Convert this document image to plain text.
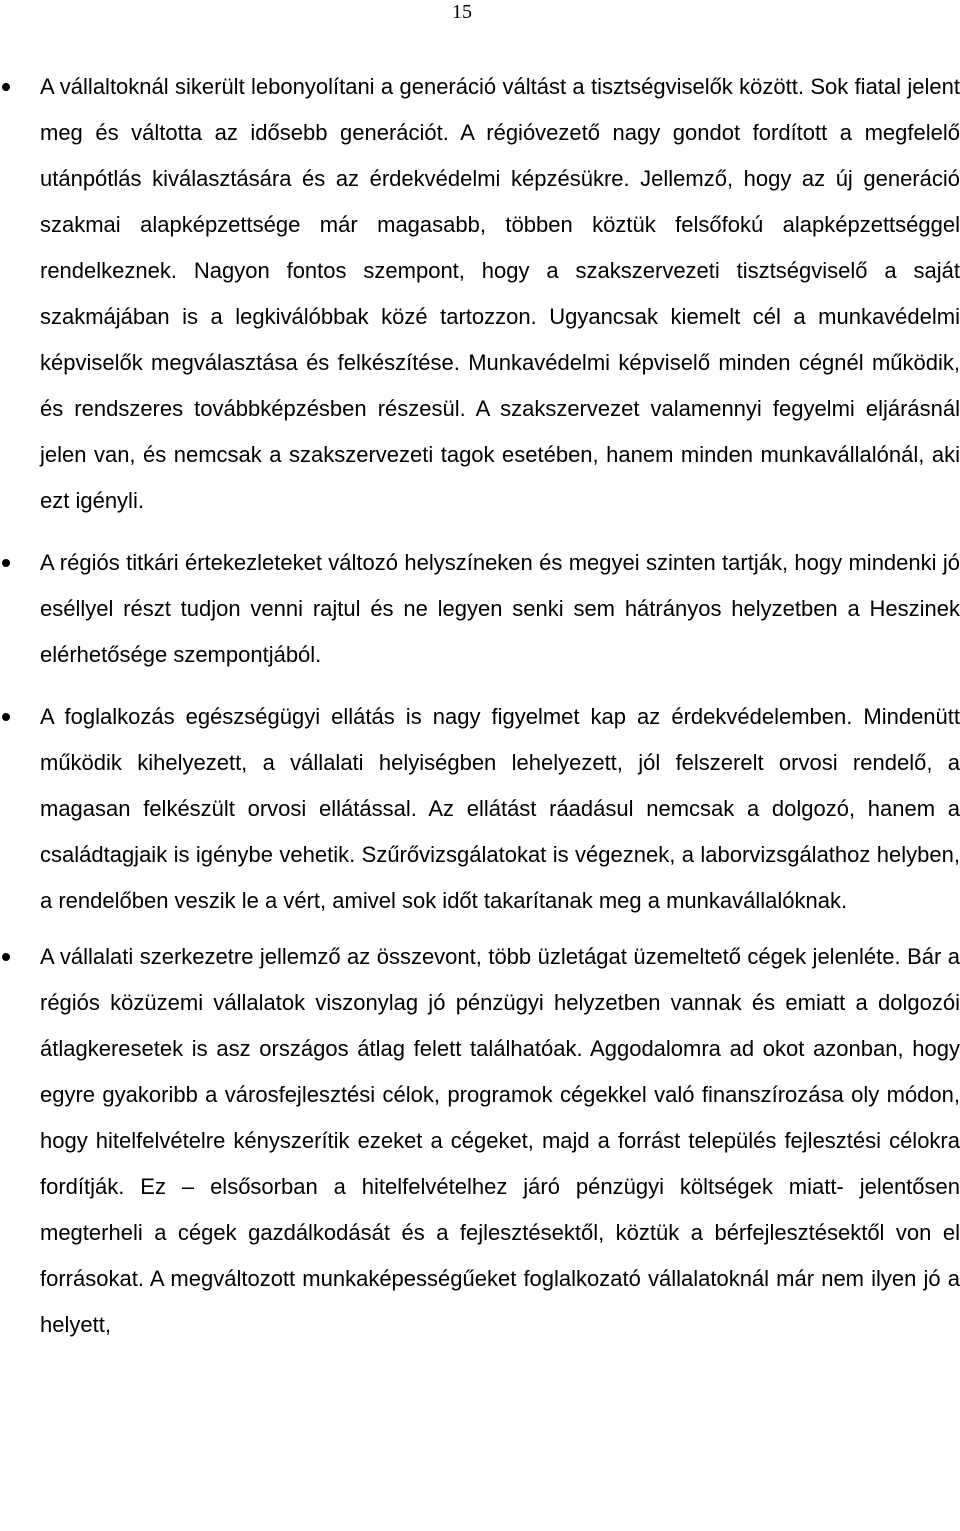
15
A vállaltoknál sikerült lebonyolítani a generáció váltást a tisztségviselők között. Sok fiatal jelent meg és váltotta az idősebb generációt. A régióvezető nagy gondot fordított a megfelelő utánpótlás kiválasztására és az érdekvédelmi képzésükre. Jellemző, hogy az új generáció szakmai alapképzettsége már magasabb, többen köztük felsőfokú alapképzettséggel rendelkeznek. Nagyon fontos szempont, hogy a szakszervezeti tisztségviselő a saját szakmájában is a legkiválóbbak közé tartozzon. Ugyancsak kiemelt cél a munkavédelmi képviselők megválasztása és felkészítése. Munkavédelmi képviselő minden cégnél működik, és rendszeres továbbképzésben részesül. A szakszervezet valamennyi fegyelmi eljárásnál jelen van, és nemcsak a szakszervezeti tagok esetében, hanem minden munkavállalónál, aki ezt igényli.
A régiós titkári értekezleteket változó helyszíneken és megyei szinten tartják, hogy mindenki jó eséllyel részt tudjon venni rajtul és ne legyen senki sem hátrányos helyzetben a Heszinek elérhetősége szempontjából.
A foglalkozás egészségügyi ellátás is nagy figyelmet kap az érdekvédelemben. Mindenütt működik kihelyezett, a vállalati helyiségben lehelyezett, jól felszerelt orvosi rendelő, a magasan felkészült orvosi ellátással. Az ellátást ráadásul nemcsak a dolgozó, hanem a családtagjaik is igénybe vehetik. Szűrővizsgálatokat is végeznek, a laborvizsgálathoz helyben, a rendelőben veszik le a vért, amivel sok időt takarítanak meg a munkavállalóknak.
A vállalati szerkezetre jellemző az összevont, több üzletágat üzemeltető cégek jelenléte. Bár a régiós közüzemi vállalatok viszonylag jó pénzügyi helyzetben vannak és emiatt a dolgozói átlagkeresetek is asz országos átlag felett találhatóak. Aggodalomra ad okot azonban, hogy egyre gyakoribb a városfejlesztési célok, programok cégekkel való finanszírozása oly módon, hogy hitelfelvételre kényszerítik ezeket a cégeket, majd a forrást település fejlesztési célokra fordítják. Ez – elsősorban a hitelfelvételhez járó pénzügyi költségek miatt- jelentősen megterheli a cégek gazdálkodását és a fejlesztésektől, köztük a bérfejlesztésektől von el forrásokat. A megváltozott munkaképességűeket foglalkozató vállalatoknál már nem ilyen jó a helyett,
